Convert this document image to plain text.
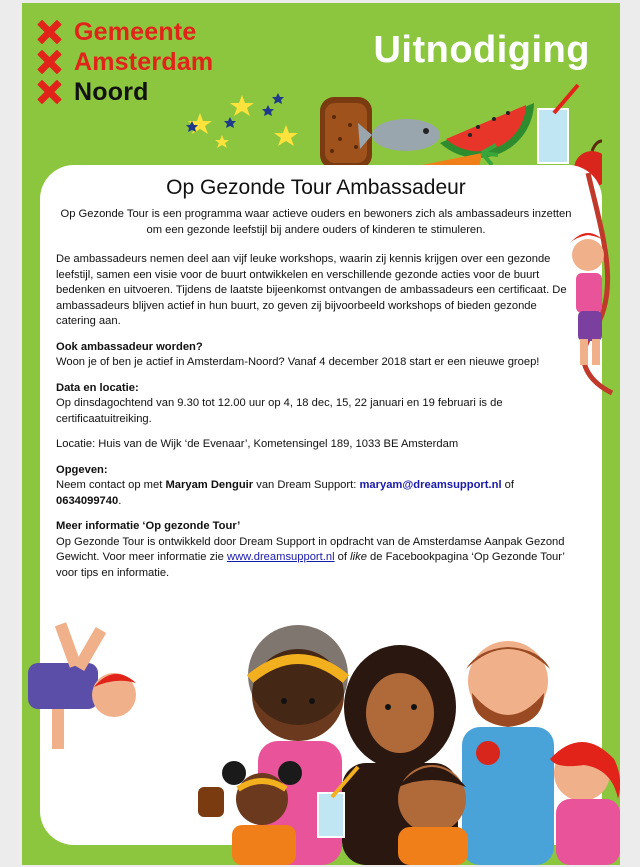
Gemeente
Amsterdam
Noord
Uitnodiging
Op Gezonde Tour Ambassadeur
Op Gezonde Tour is een programma waar actieve ouders en bewoners zich als ambassadeurs inzetten om een gezonde leefstijl bij andere ouders of kinderen te stimuleren.
De ambassadeurs nemen deel aan vijf leuke workshops, waarin zij kennis krijgen over een gezonde leefstijl, samen een visie voor de buurt ontwikkelen en verschillende gezonde acties voor de buurt bedenken en uitvoeren. Tijdens de laatste bijeenkomst ontvangen de ambassadeurs een certificaat. De ambassadeurs blijven actief in hun buurt, zo geven zij bijvoorbeeld workshops of bieden gezonde catering aan.
Ook ambassadeur worden?
Woon je of ben je actief in Amsterdam-Noord? Vanaf 4 december 2018 start er een nieuwe groep!
Data en locatie:
Op dinsdagochtend van 9.30 tot 12.00 uur op 4, 18 dec, 15, 22 januari en 19 februari is de certificaatuitreiking.
Locatie: Huis van de Wijk ‘de Evenaar’, Kometensingel 189, 1033 BE Amsterdam
Opgeven:
Neem contact op met Maryam Denguir van Dream Support: maryam@dreamsupport.nl of
0634099740.
Meer informatie ‘Op gezonde Tour’
Op Gezonde Tour is ontwikkeld door Dream Support in opdracht van de Amsterdamse Aanpak Gezond Gewicht. Voor meer informatie zie www.dreamsupport.nl of like de Facebookpagina ‘Op Gezonde Tour’ voor tips en informatie.
